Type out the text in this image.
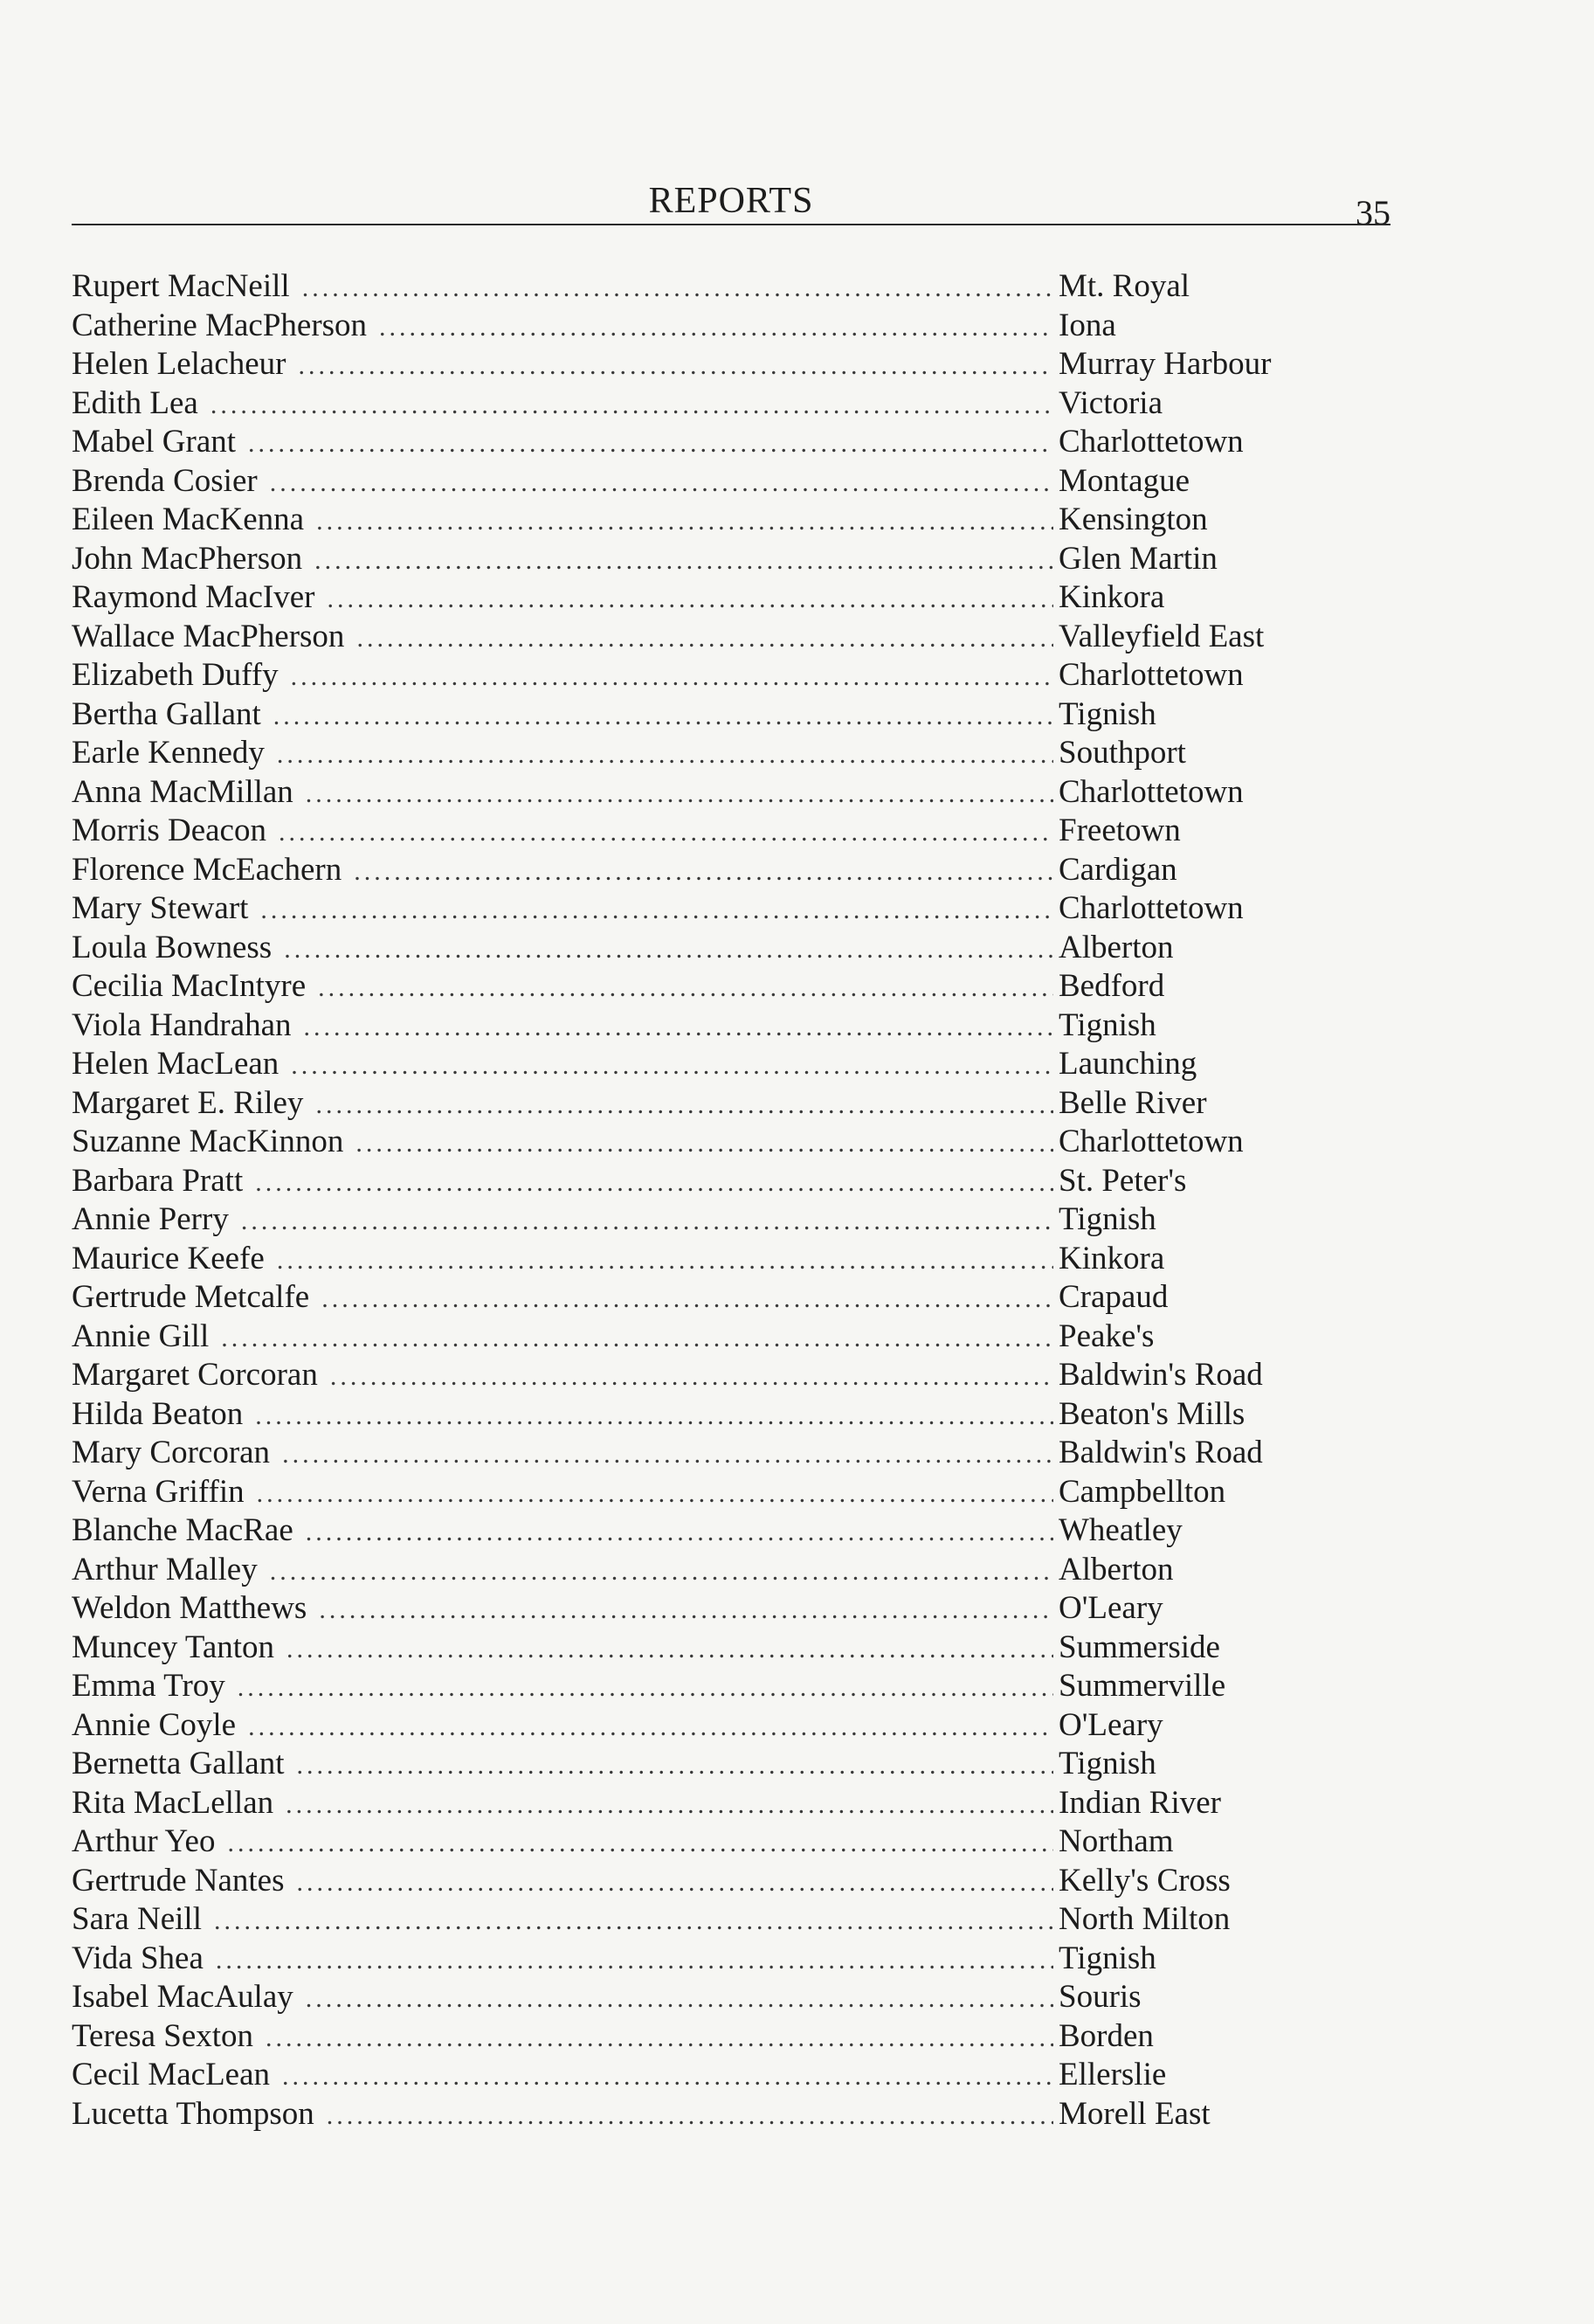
REPORTS	35
Rupert MacNeill .....	Mt. Royal
Catherine MacPherson .....	Iona
Helen Lelacheur .....	Murray Harbour
Edith Lea .....	Victoria
Mabel Grant .....	Charlottetown
Brenda Cosier .....	Montague
Eileen MacKenna .....	Kensington
John MacPherson .....	Glen Martin
Raymond MacIver .....	Kinkora
Wallace MacPherson .....	Valleyfield East
Elizabeth Duffy .....	Charlottetown
Bertha Gallant .....	Tignish
Earle Kennedy .....	Southport
Anna MacMillan .....	Charlottetown
Morris Deacon .....	Freetown
Florence McEachern .....	Cardigan
Mary Stewart .....	Charlottetown
Loula Bowness .....	Alberton
Cecilia MacIntyre .....	Bedford
Viola Handrahan .....	Tignish
Helen MacLean .....	Launching
Margaret E. Riley .....	Belle River
Suzanne MacKinnon .....	Charlottetown
Barbara Pratt .....	St. Peter's
Annie Perry .....	Tignish
Maurice Keefe .....	Kinkora
Gertrude Metcalfe .....	Crapaud
Annie Gill .....	Peake's
Margaret Corcoran .....	Baldwin's Road
Hilda Beaton .....	Beaton's Mills
Mary Corcoran .....	Baldwin's Road
Verna Griffin .....	Campbellton
Blanche MacRae .....	Wheatley
Arthur Malley .....	Alberton
Weldon Matthews .....	O'Leary
Muncey Tanton .....	Summerside
Emma Troy .....	Summerville
Annie Coyle .....	O'Leary
Bernetta Gallant .....	Tignish
Rita MacLellan .....	Indian River
Arthur Yeo .....	Northam
Gertrude Nantes .....	Kelly's Cross
Sara Neill .....	North Milton
Vida Shea .....	Tignish
Isabel MacAulay .....	Souris
Teresa Sexton .....	Borden
Cecil MacLean .....	Ellerslie
Lucetta Thompson .....	Morell East
